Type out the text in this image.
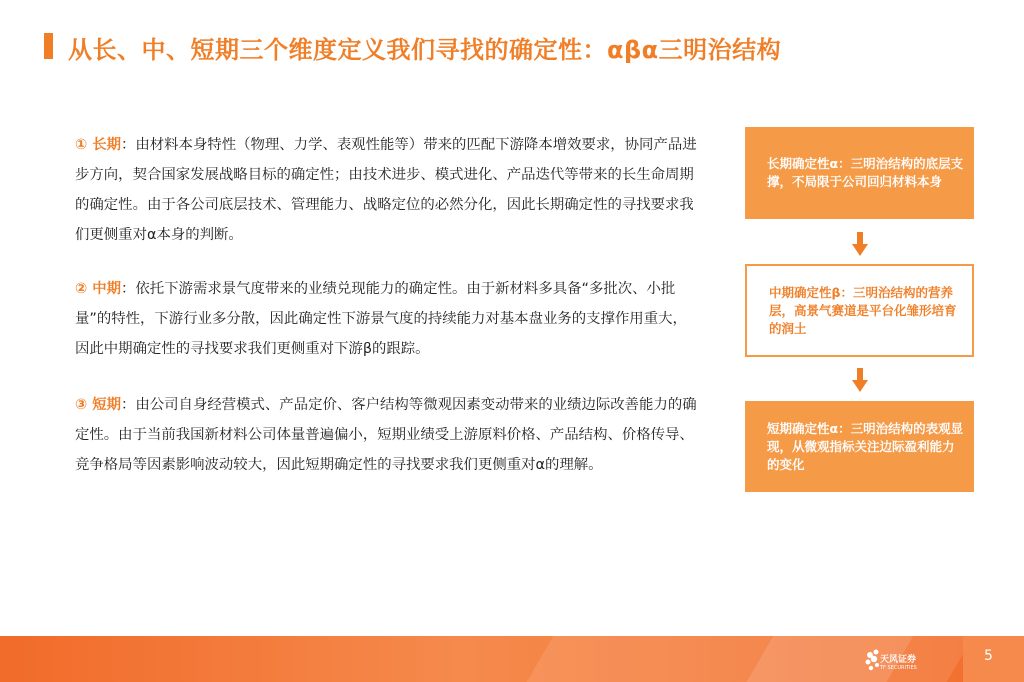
从长、中、短期三个维度定义我们寻找的确定性：αβα三明治结构
① 长期：由材料本身特性（物理、力学、表观性能等）带来的匹配下游降本增效要求，协同产品进步方向，契合国家发展战略目标的确定性；由技术进步、模式进化、产品迭代等带来的长生命周期的确定性。由于各公司底层技术、管理能力、战略定位的必然分化，因此长期确定性的寻找要求我们更侧重对α本身的判断。
② 中期：依托下游需求景气度带来的业绩兑现能力的确定性。由于新材料多具备“多批次、小批量”的特性，下游行业多分散，因此确定性下游景气度的持续能力对基本盘业务的支撑作用重大，因此中期确定性的寻找要求我们更侧重对下游β的跟踪。
③ 短期：由公司自身经营模式、产品定价、客户结构等微观因素变动带来的业绩边际改善能力的确定性。由于当前我国新材料公司体量普遍偏小，短期业绩受上游原料价格、产品结构、价格传导、竞争格局等因素影响波动较大，因此短期确定性的寻找要求我们更侧重对α的理解。
长期确定性α：三明治结构的底层支撑，不局限于公司回归材料本身
中期确定性β：三明治结构的营养层，高景气赛道是平台化雏形培育的润土
短期确定性α：三明治结构的表观显现，从微观指标关注边际盈利能力的变化
天风证券
TF SECURITIES
5
